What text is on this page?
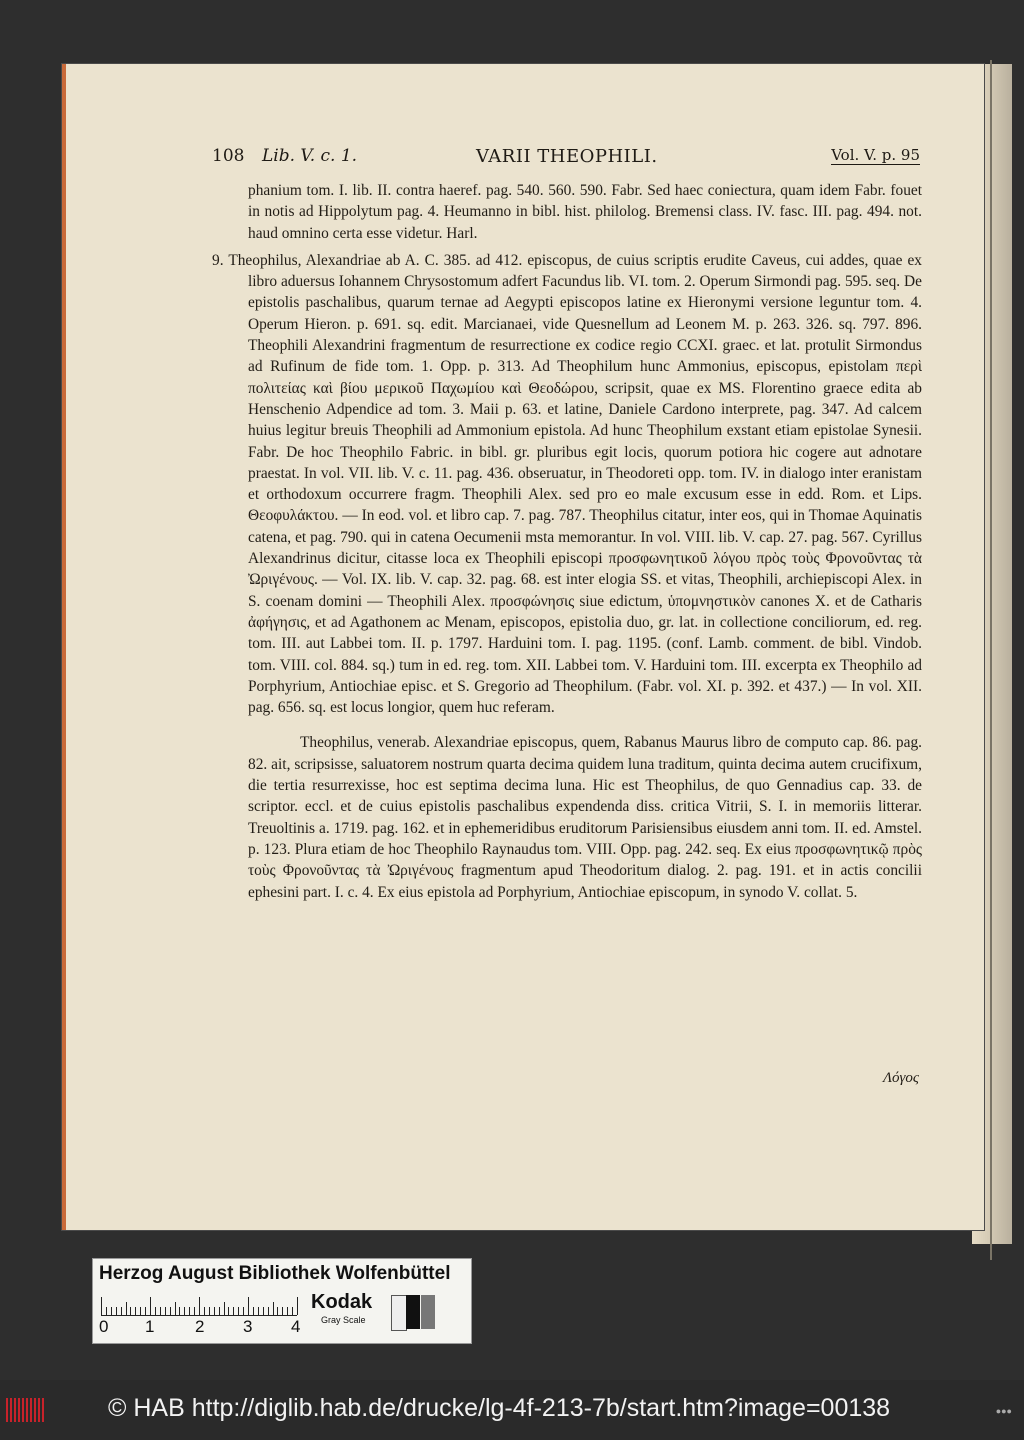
108 Lib. V. c. 1.	VARII THEOPHILI.	Vol. V. p. 95

phanium tom. I. lib. II. contra haeref. pag. 540. 560. 590. Fabr. Sed haec coniectura, quam idem Fabr. fouet in notis ad Hippolytum pag. 4. Heumanno in bibl. hist. philolog. Bremensi class. IV. fasc. III. pag. 494. not. haud omnino certa esse videtur. Harl.

9. Theophilus, Alexandriae ab A. C. 385. ad 412. episcopus, de cuius scriptis erudite Caveus, cui addes, quae ex libro aduersus Iohannem Chrysostomum adfert Facundus lib. VI. tom. 2. Operum Sirmondi pag. 595. seq. De epistolis paschalibus, quarum ternae ad Aegypti episcopos latine ex Hieronymi versione leguntur tom. 4. Operum Hieron. p. 691. sq. edit. Marcianaei, vide Quesnellum ad Leonem M. p. 263. 326. sq. 797. 896. Theophili Alexandrini fragmentum de resurrectione ex codice regio CCXI. graec. et lat. protulit Sirmondus ad Rufinum de fide tom. 1. Opp. p. 313. Ad Theophilum hunc Ammonius, episcopus, epistolam περὶ πολιτείας καὶ βίου μερικοῦ Παχωμίου καὶ Θεοδώρου, scripsit, quae ex MS. Florentino graece edita ab Henschenio Adpendice ad tom. 3. Maii p. 63. et latine, Daniele Cardono interprete, pag. 347. Ad calcem huius legitur breuis Theophili ad Ammonium epistola. Ad hunc Theophilum exstant etiam epistolae Synesii. Fabr. De hoc Theophilo Fabric. in bibl. gr. pluribus egit locis, quorum potiora hic cogere aut adnotare praestat. In vol. VII. lib. V. c. 11. pag. 436. obseruatur, in Theodoreti opp. tom. IV. in dialogo inter eranistam et orthodoxum occurrere fragm. Theophili Alex. sed pro eo male excusum esse in edd. Rom. et Lips. Θεοφυλάκτου. — In eod. vol. et libro cap. 7. pag. 787. Theophilus citatur, inter eos, qui in Thomae Aquinatis catena, et pag. 790. qui in catena Oecumenii msta memorantur. In vol. VIII. lib. V. cap. 27. pag. 567. Cyrillus Alexandrinus dicitur, citasse loca ex Theophili episcopi προσφωνητικοῦ λόγου πρὸς τοὺς Φρονοῦντας τὰ Ὠριγένους. — Vol. IX. lib. V. cap. 32. pag. 68. est inter elogia SS. et vitas, Theophili, archiepiscopi Alex. in S. coenam domini — Theophili Alex. προσφώνησις siue edictum, ὑπομνηστικὸν canones X. et de Catharis ἀφήγησις, et ad Agathonem ac Menam, episcopos, epistolia duo, gr. lat. in collectione conciliorum, ed. reg. tom. III. aut Labbei tom. II. p. 1797. Harduini tom. I. pag. 1195. (conf. Lamb. comment. de bibl. Vindob. tom. VIII. col. 884. sq.) tum in ed. reg. tom. XII. Labbei tom. V. Harduini tom. III. excerpta ex Theophilo ad Porphyrium, Antiochiae episc. et S. Gregorio ad Theophilum. (Fabr. vol. XI. p. 392. et 437.) — In vol. XII. pag. 656. sq. est locus longior, quem huc referam.

Theophilus, venerab. Alexandriae episcopus, quem, Rabanus Maurus libro de computo cap. 86. pag. 82. ait, scripsisse, saluatorem nostrum quarta decima quidem luna traditum, quinta decima autem crucifixum, die tertia resurrexisse, hoc est septima decima luna. Hic est Theophilus, de quo Gennadius cap. 33. de scriptor. eccl. et de cuius epistolis paschalibus expendenda diss. critica Vitrii, S. I. in memoriis litterar. Treuoltinis a. 1719. pag. 162. et in ephemeridibus eruditorum Parisiensibus eiusdem anni tom. II. ed. Amstel. p. 123. Plura etiam de hoc Theophilo Raynaudus tom. VIII. Opp. pag. 242. seq. Ex eius προσφωνητικῷ πρὸς τοὺς Φρονοῦντας τὰ Ὠριγένους fragmentum apud Theodoritum dialog. 2. pag. 191. et in actis concilii ephesini part. I. c. 4. Ex eius epistola ad Porphyrium, Antiochiae episcopum, in synodo V. collat. 5.

Λόγος
Herzog August Bibliothek Wolfenbüttel
0 1 2 3 4
Kodak
Gray Scale
© HAB http://diglib.hab.de/drucke/lg-4f-213-7b/start.htm?image=00138	●●●
